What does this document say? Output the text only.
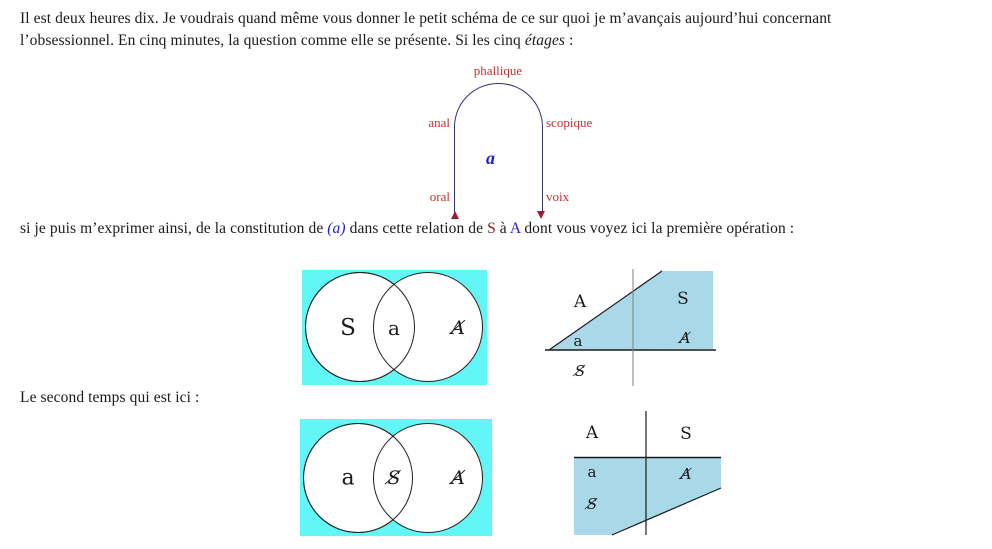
Il est deux heures dix. Je voudrais quand même vous donner le petit schéma de ce sur quoi je m’avançais aujourd’hui concernant
l’obsessionnel. En cinq minutes, la question comme elle se présente. Si les cinq étages :
phallique
anal	scopique
a
oral	voix
si je puis m’exprimer ainsi, de la constitution de (a) dans cette relation de S à A dont vous voyez ici la première opération :
S a	A̸
A	S
a	A̸
S̸
Le second temps qui est ici :
a S̸	A̸
A	S
a
S̸
A̸
